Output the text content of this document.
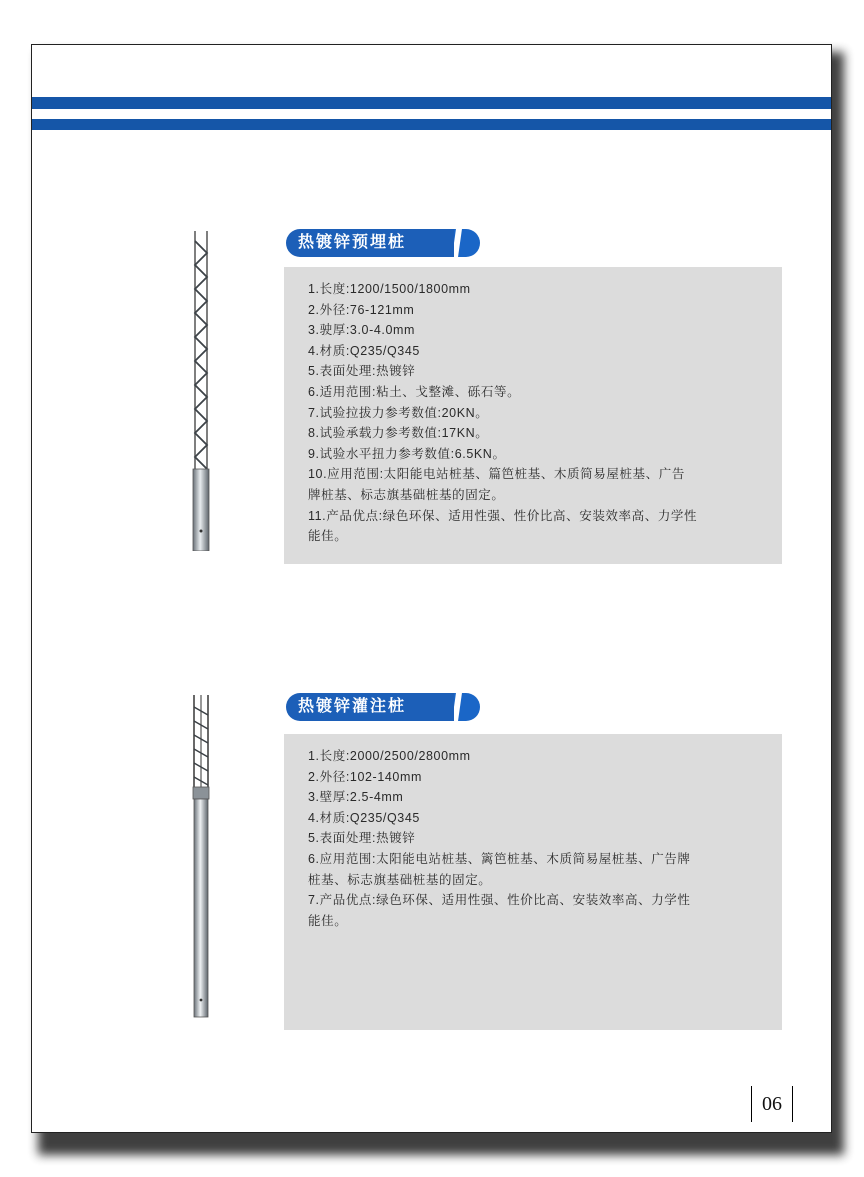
热镀锌预埋桩
1.长度:1200/1500/1800mm
2.外径:76-121mm
3.驶厚:3.0-4.0mm
4.材质:Q235/Q345
5.表面处理:热镀锌
6.适用范围:粘土、戈整滩、砾石等。
7.试验拉拔力参考数值:20KN。
8.试验承载力参考数值:17KN。
9.试验水平扭力参考数值:6.5KN。
10.应用范围:太阳能电站桩基、篇笆桩基、木质简易屋桩基、广告牌桩基、标志旗基础桩基的固定。
11.产品优点:绿色环保、适用性强、性价比高、安装效率高、力学性能佳。
热镀锌灌注桩
1.长度:2000/2500/2800mm
2.外径:102-140mm
3.壁厚:2.5-4mm
4.材质:Q235/Q345
5.表面处理:热镀锌
6.应用范围:太阳能电站桩基、篱笆桩基、木质简易屋桩基、广告牌桩基、标志旗基础桩基的固定。
7.产品优点:绿色环保、适用性强、性价比高、安装效率高、力学性能佳。
06
